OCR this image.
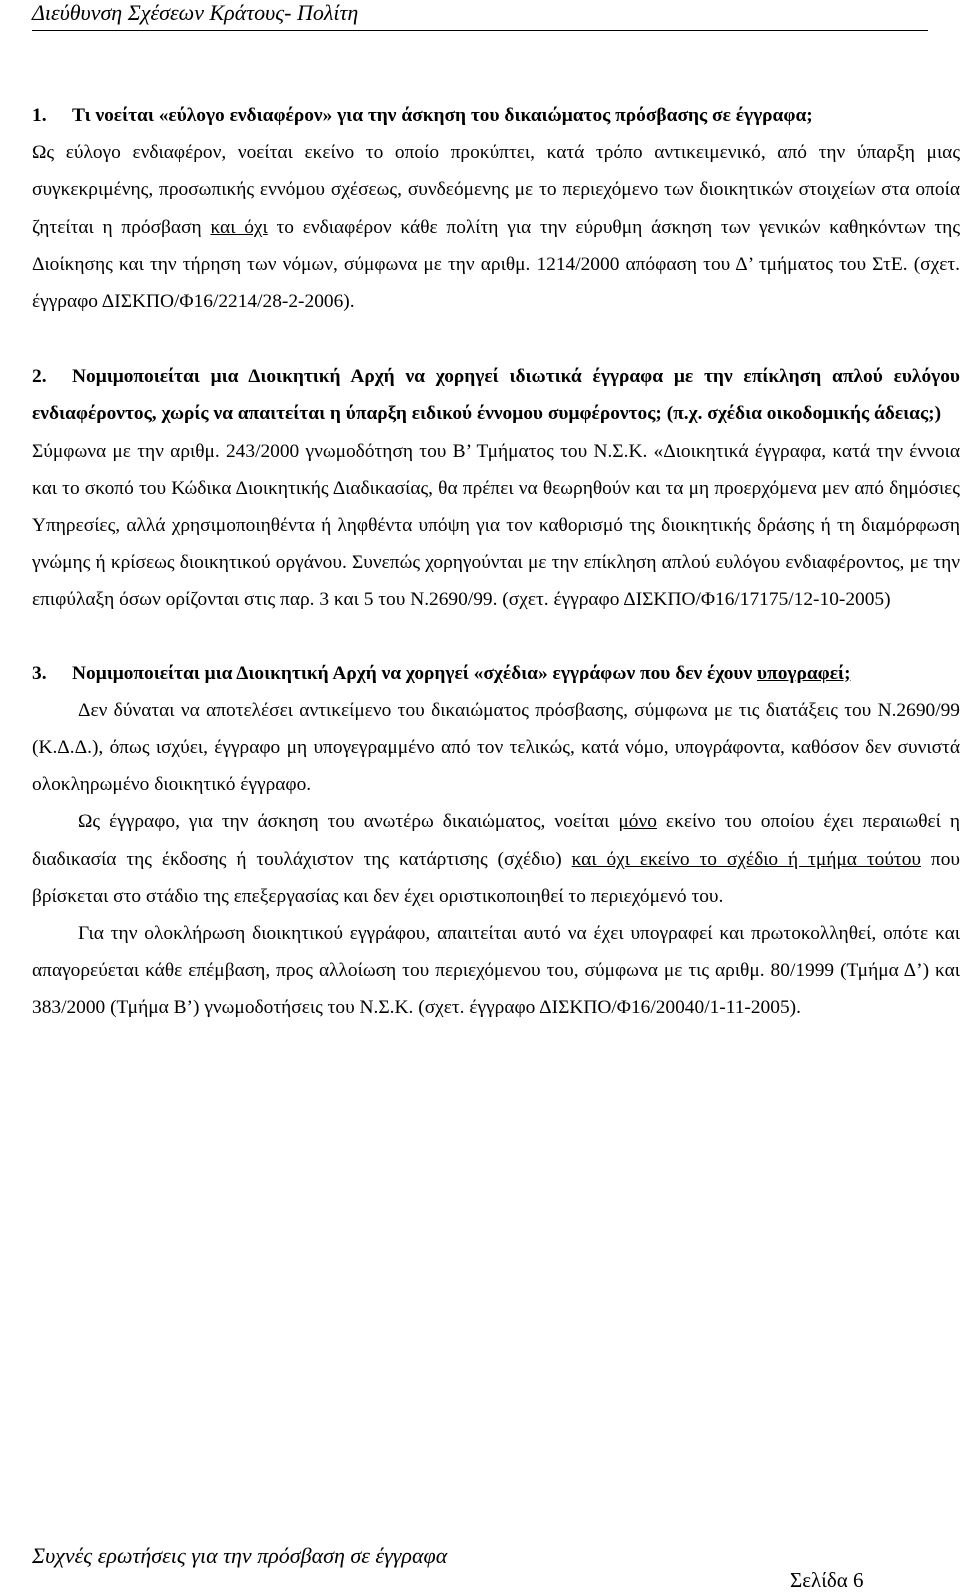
Διεύθυνση Σχέσεων Κράτους- Πολίτη

1. Τι νοείται «εύλογο ενδιαφέρον» για την άσκηση του δικαιώματος πρόσβασης σε έγγραφα;

Ως εύλογο ενδιαφέρον, νοείται εκείνο το οποίο προκύπτει, κατά τρόπο αντικειμενικό, από την ύπαρξη μιας συγκεκριμένης, προσωπικής εννόμου σχέσεως, συνδεόμενης με το περιεχόμενο των διοικητικών στοιχείων στα οποία ζητείται η πρόσβαση και όχι το ενδιαφέρον κάθε πολίτη για την εύρυθμη άσκηση των γενικών καθηκόντων της Διοίκησης και την τήρηση των νόμων, σύμφωνα με την αριθμ. 1214/2000 απόφαση του Δ’ τμήματος του ΣτΕ. (σχετ. έγγραφο ΔΙΣΚΠΟ/Φ16/2214/28-2-2006).

2. Νομιμοποιείται μια Διοικητική Αρχή να χορηγεί ιδιωτικά έγγραφα με την επίκληση απλού ευλόγου ενδιαφέροντος, χωρίς να απαιτείται η ύπαρξη ειδικού έννομου συμφέροντος; (π.χ. σχέδια οικοδομικής άδειας;)

Σύμφωνα με την αριθμ. 243/2000 γνωμοδότηση του Β’ Τμήματος του Ν.Σ.Κ. «Διοικητικά έγγραφα, κατά την έννοια και το σκοπό του Κώδικα Διοικητικής Διαδικασίας, θα πρέπει να θεωρηθούν και τα μη προερχόμενα μεν από δημόσιες Υπηρεσίες, αλλά χρησιμοποιηθέντα ή ληφθέντα υπόψη για τον καθορισμό της διοικητικής δράσης ή τη διαμόρφωση γνώμης ή κρίσεως διοικητικού οργάνου. Συνεπώς χορηγούνται με την επίκληση απλού ευλόγου ενδιαφέροντος, με την επιφύλαξη όσων ορίζονται στις παρ. 3 και 5 του Ν.2690/99. (σχετ. έγγραφο ΔΙΣΚΠΟ/Φ16/17175/12-10-2005)

3. Νομιμοποιείται μια Διοικητική Αρχή να χορηγεί «σχέδια» εγγράφων που δεν έχουν υπογραφεί;

Δεν δύναται να αποτελέσει αντικείμενο του δικαιώματος πρόσβασης, σύμφωνα με τις διατάξεις του Ν.2690/99 (Κ.Δ.Δ.), όπως ισχύει, έγγραφο μη υπογεγραμμένο από τον τελικώς, κατά νόμο, υπογράφοντα, καθόσον δεν συνιστά ολοκληρωμένο διοικητικό έγγραφο.

Ως έγγραφο, για την άσκηση του ανωτέρω δικαιώματος, νοείται μόνο εκείνο του οποίου έχει περαιωθεί η διαδικασία της έκδοσης ή τουλάχιστον της κατάρτισης (σχέδιο) και όχι εκείνο το σχέδιο ή τμήμα τούτου που βρίσκεται στο στάδιο της επεξεργασίας και δεν έχει οριστικοποιηθεί το περιεχόμενό του.

Για την ολοκλήρωση διοικητικού εγγράφου, απαιτείται αυτό να έχει υπογραφεί και πρωτοκολληθεί, οπότε και απαγορεύεται κάθε επέμβαση, προς αλλοίωση του περιεχόμενου του, σύμφωνα με τις αριθμ. 80/1999 (Τμήμα Δ’) και 383/2000 (Τμήμα Β’) γνωμοδοτήσεις του Ν.Σ.Κ. (σχετ. έγγραφο ΔΙΣΚΠΟ/Φ16/20040/1-11-2005).

Συχνές ερωτήσεις για την πρόσβαση σε έγγραφα
Σελίδα 6
